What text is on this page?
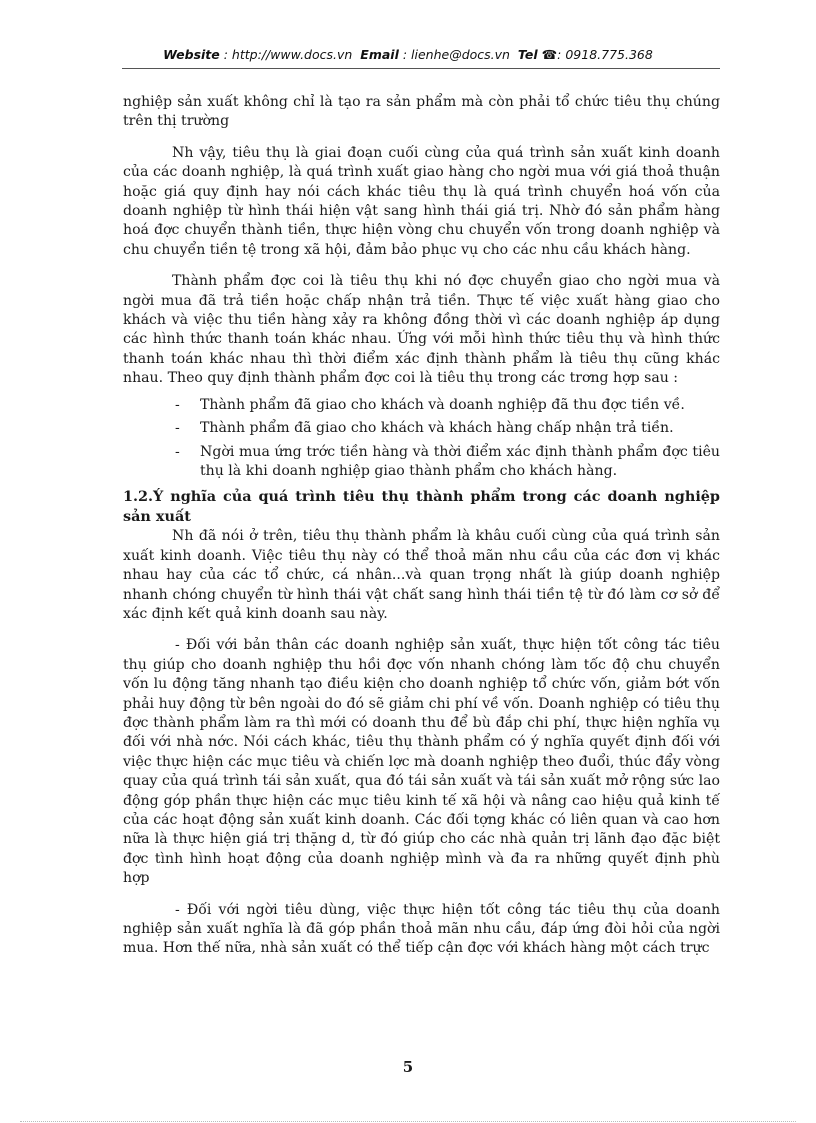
Website : http://www.docs.vn Email : lienhe@docs.vn Tel ☎: 0918.775.368

nghiệp sản xuất không chỉ là tạo ra sản phẩm mà còn phải tổ chức tiêu thụ chúng trên thị trường

Nh vậy, tiêu thụ là giai đoạn cuối cùng của quá trình sản xuất kinh doanh của các doanh nghiệp, là quá trình xuất giao hàng cho ngời mua với giá thoả thuận hoặc giá quy định hay nói cách khác tiêu thụ là quá trình chuyển hoá vốn của doanh nghiệp từ hình thái hiện vật sang hình thái giá trị. Nhờ đó sản phẩm hàng hoá đợc chuyển thành tiền, thực hiện vòng chu chuyển vốn trong doanh nghiệp và chu chuyển tiền tệ trong xã hội, đảm bảo phục vụ cho các nhu cầu khách hàng.

Thành phẩm đợc coi là tiêu thụ khi nó đợc chuyển giao cho ngời mua và ngời mua đã trả tiền hoặc chấp nhận trả tiền. Thực tế việc xuất hàng giao cho khách và việc thu tiền hàng xảy ra không đồng thời vì các doanh nghiệp áp dụng các hình thức thanh toán khác nhau. Ứng với mỗi hình thức tiêu thụ và hình thức thanh toán khác nhau thì thời điểm xác định thành phẩm là tiêu thụ cũng khác nhau. Theo quy định thành phẩm đợc coi là tiêu thụ trong các trơng hợp sau :

- Thành phẩm đã giao cho khách và doanh nghiệp đã thu đợc tiền về.
- Thành phẩm đã giao cho khách và khách hàng chấp nhận trả tiền.
- Ngời mua ứng trớc tiền hàng và thời điểm xác định thành phẩm đợc tiêu thụ là khi doanh nghiệp giao thành phẩm cho khách hàng.
1.2.Ý nghĩa của quá trình tiêu thụ thành phẩm trong các doanh nghiệp sản xuất

Nh đã nói ở trên, tiêu thụ thành phẩm là khâu cuối cùng của quá trình sản xuất kinh doanh. Việc tiêu thụ này có thể thoả mãn nhu cầu của các đơn vị khác nhau hay của các tổ chức, cá nhân...và quan trọng nhất là giúp doanh nghiệp nhanh chóng chuyển từ hình thái vật chất sang hình thái tiền tệ từ đó làm cơ sở để xác định kết quả kinh doanh sau này.

- Đối với bản thân các doanh nghiệp sản xuất, thực hiện tốt công tác tiêu thụ giúp cho doanh nghiệp thu hồi đợc vốn nhanh chóng làm tốc độ chu chuyển vốn lu động tăng nhanh tạo điều kiện cho doanh nghiệp tổ chức vốn, giảm bớt vốn phải huy động từ bên ngoài do đó sẽ giảm chi phí về vốn. Doanh nghiệp có tiêu thụ đợc thành phẩm làm ra thì mới có doanh thu để bù đắp chi phí, thực hiện nghĩa vụ đối với nhà nớc. Nói cách khác, tiêu thụ thành phẩm có ý nghĩa quyết định đối với việc thực hiện các mục tiêu và chiến lợc mà doanh nghiệp theo đuổi, thúc đẩy vòng quay của quá trình tái sản xuất, qua đó tái sản xuất và tái sản xuất mở rộng sức lao động góp phần thực hiện các mục tiêu kinh tế xã hội và nâng cao hiệu quả kinh tế của các hoạt động sản xuất kinh doanh. Các đối tợng khác có liên quan và cao hơn nữa là thực hiện giá trị thặng d, từ đó giúp cho các nhà quản trị lãnh đạo đặc biệt đợc tình hình hoạt động của doanh nghiệp mình và đa ra những quyết định phù hợp

- Đối với ngời tiêu dùng, việc thực hiện tốt công tác tiêu thụ của doanh nghiệp sản xuất nghĩa là đã góp phần thoả mãn nhu cầu, đáp ứng đòi hỏi của ngời mua. Hơn thế nữa, nhà sản xuất có thể tiếp cận đợc với khách hàng một cách trực

5
